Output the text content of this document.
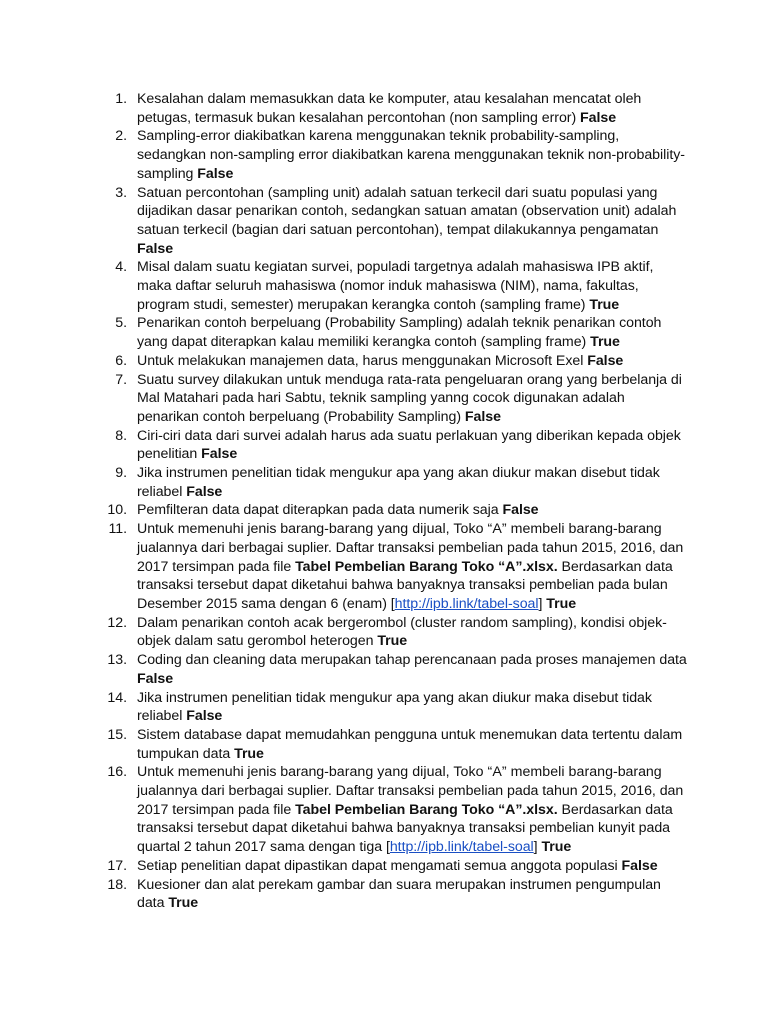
1. Kesalahan dalam memasukkan data ke komputer, atau kesalahan mencatat oleh petugas, termasuk bukan kesalahan percontohan (non sampling error) False
2. Sampling-error diakibatkan karena menggunakan teknik probability-sampling, sedangkan non-sampling error diakibatkan karena menggunakan teknik non-probability-sampling False
3. Satuan percontohan (sampling unit) adalah satuan terkecil dari suatu populasi yang dijadikan dasar penarikan contoh, sedangkan satuan amatan (observation unit) adalah satuan terkecil (bagian dari satuan percontohan), tempat dilakukannya pengamatan False
4. Misal dalam suatu kegiatan survei, populadi targetnya adalah mahasiswa IPB aktif, maka daftar seluruh mahasiswa (nomor induk mahasiswa (NIM), nama, fakultas, program studi, semester) merupakan kerangka contoh (sampling frame) True
5. Penarikan contoh berpeluang (Probability Sampling) adalah teknik penarikan contoh yang dapat diterapkan kalau memiliki kerangka contoh (sampling frame) True
6. Untuk melakukan manajemen data, harus menggunakan Microsoft Exel False
7. Suatu survey dilakukan untuk menduga rata-rata pengeluaran orang yang berbelanja di Mal Matahari pada hari Sabtu, teknik sampling yanng cocok digunakan adalah penarikan contoh berpeluang (Probability Sampling) False
8. Ciri-ciri data dari survei adalah harus ada suatu perlakuan yang diberikan kepada objek penelitian False
9. Jika instrumen penelitian tidak mengukur apa yang akan diukur makan disebut tidak reliabel False
10. Pemfilteran data dapat diterapkan pada data numerik saja False
11. Untuk memenuhi jenis barang-barang yang dijual, Toko “A” membeli barang-barang jualannya dari berbagai suplier. Daftar transaksi pembelian pada tahun 2015, 2016, dan 2017 tersimpan pada file Tabel Pembelian Barang Toko “A”.xlsx. Berdasarkan data transaksi tersebut dapat diketahui bahwa banyaknya transaksi pembelian pada bulan Desember 2015 sama dengan 6 (enam) [http://ipb.link/tabel-soal] True
12. Dalam penarikan contoh acak bergerombol (cluster random sampling), kondisi objek-objek dalam satu gerombol heterogen True
13. Coding dan cleaning data merupakan tahap perencanaan pada proses manajemen data False
14. Jika instrumen penelitian tidak mengukur apa yang akan diukur maka disebut tidak reliabel False
15. Sistem database dapat memudahkan pengguna untuk menemukan data tertentu dalam tumpukan data True
16. Untuk memenuhi jenis barang-barang yang dijual, Toko “A” membeli barang-barang jualannya dari berbagai suplier. Daftar transaksi pembelian pada tahun 2015, 2016, dan 2017 tersimpan pada file Tabel Pembelian Barang Toko “A”.xlsx. Berdasarkan data transaksi tersebut dapat diketahui bahwa banyaknya transaksi pembelian kunyit pada quartal 2 tahun 2017 sama dengan tiga [http://ipb.link/tabel-soal] True
17. Setiap penelitian dapat dipastikan dapat mengamati semua anggota populasi False
18. Kuesioner dan alat perekam gambar dan suara merupakan instrumen pengumpulan data True
